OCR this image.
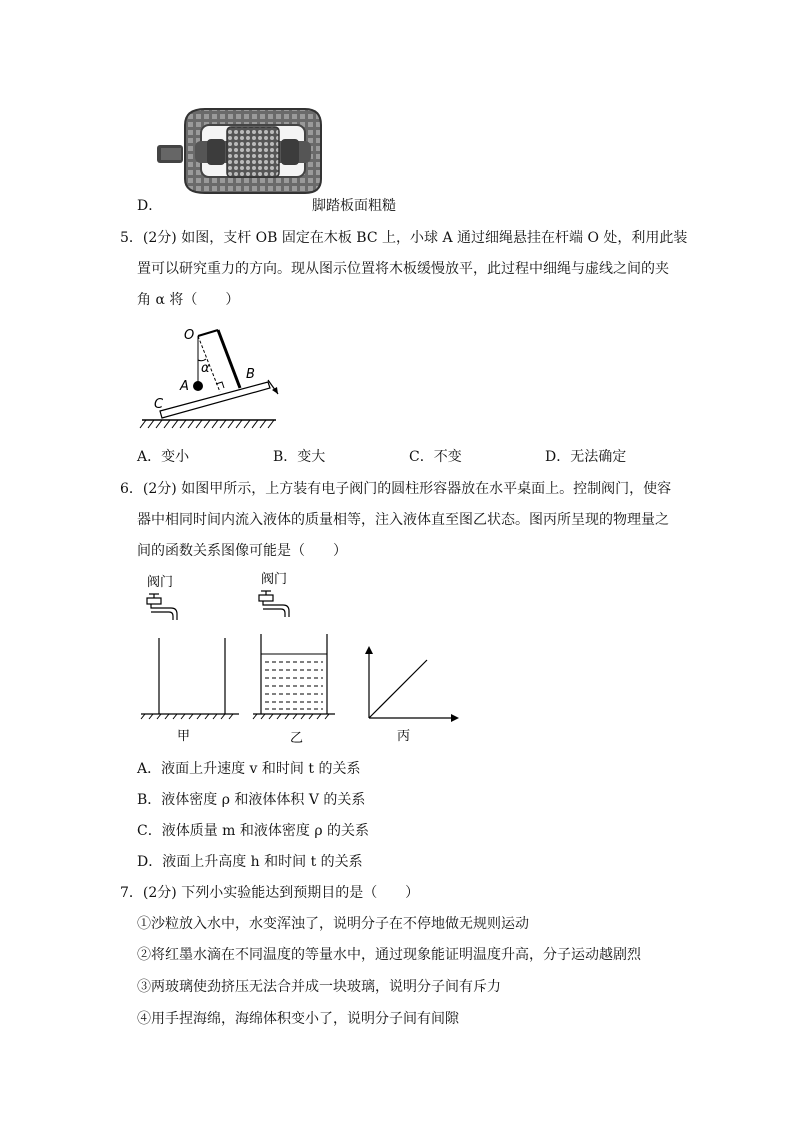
D．	脚踏板面粗糙
5．(2分) 如图，支杆 OB 固定在木板 BC 上，小球 A 通过细绳悬挂在杆端 O 处，利用此装
置可以研究重力的方向。现从图示位置将木板缓慢放平，此过程中细绳与虚线之间的夹
角 α 将（　　）
O
α
A
B
C
A．变小	B．变大	C．不变	D．无法确定
6．(2分) 如图甲所示，上方装有电子阀门的圆柱形容器放在水平桌面上。控制阀门，使容
器中相同时间内流入液体的质量相等，注入液体直至图乙状态。图丙所呈现的物理量之
间的函数关系图像可能是（　　）
阀门
甲
阀门
乙	丙
A．液面上升速度 v 和时间 t 的关系
B．液体密度 ρ 和液体体积 V 的关系
C．液体质量 m 和液体密度 ρ 的关系
D．液面上升高度 h 和时间 t 的关系
7．(2分) 下列小实验能达到预期目的是（　　）
①沙粒放入水中，水变浑浊了，说明分子在不停地做无规则运动
②将红墨水滴在不同温度的等量水中，通过现象能证明温度升高，分子运动越剧烈
③两玻璃使劲挤压无法合并成一块玻璃，说明分子间有斥力
④用手捏海绵，海绵体积变小了，说明分子间有间隙
